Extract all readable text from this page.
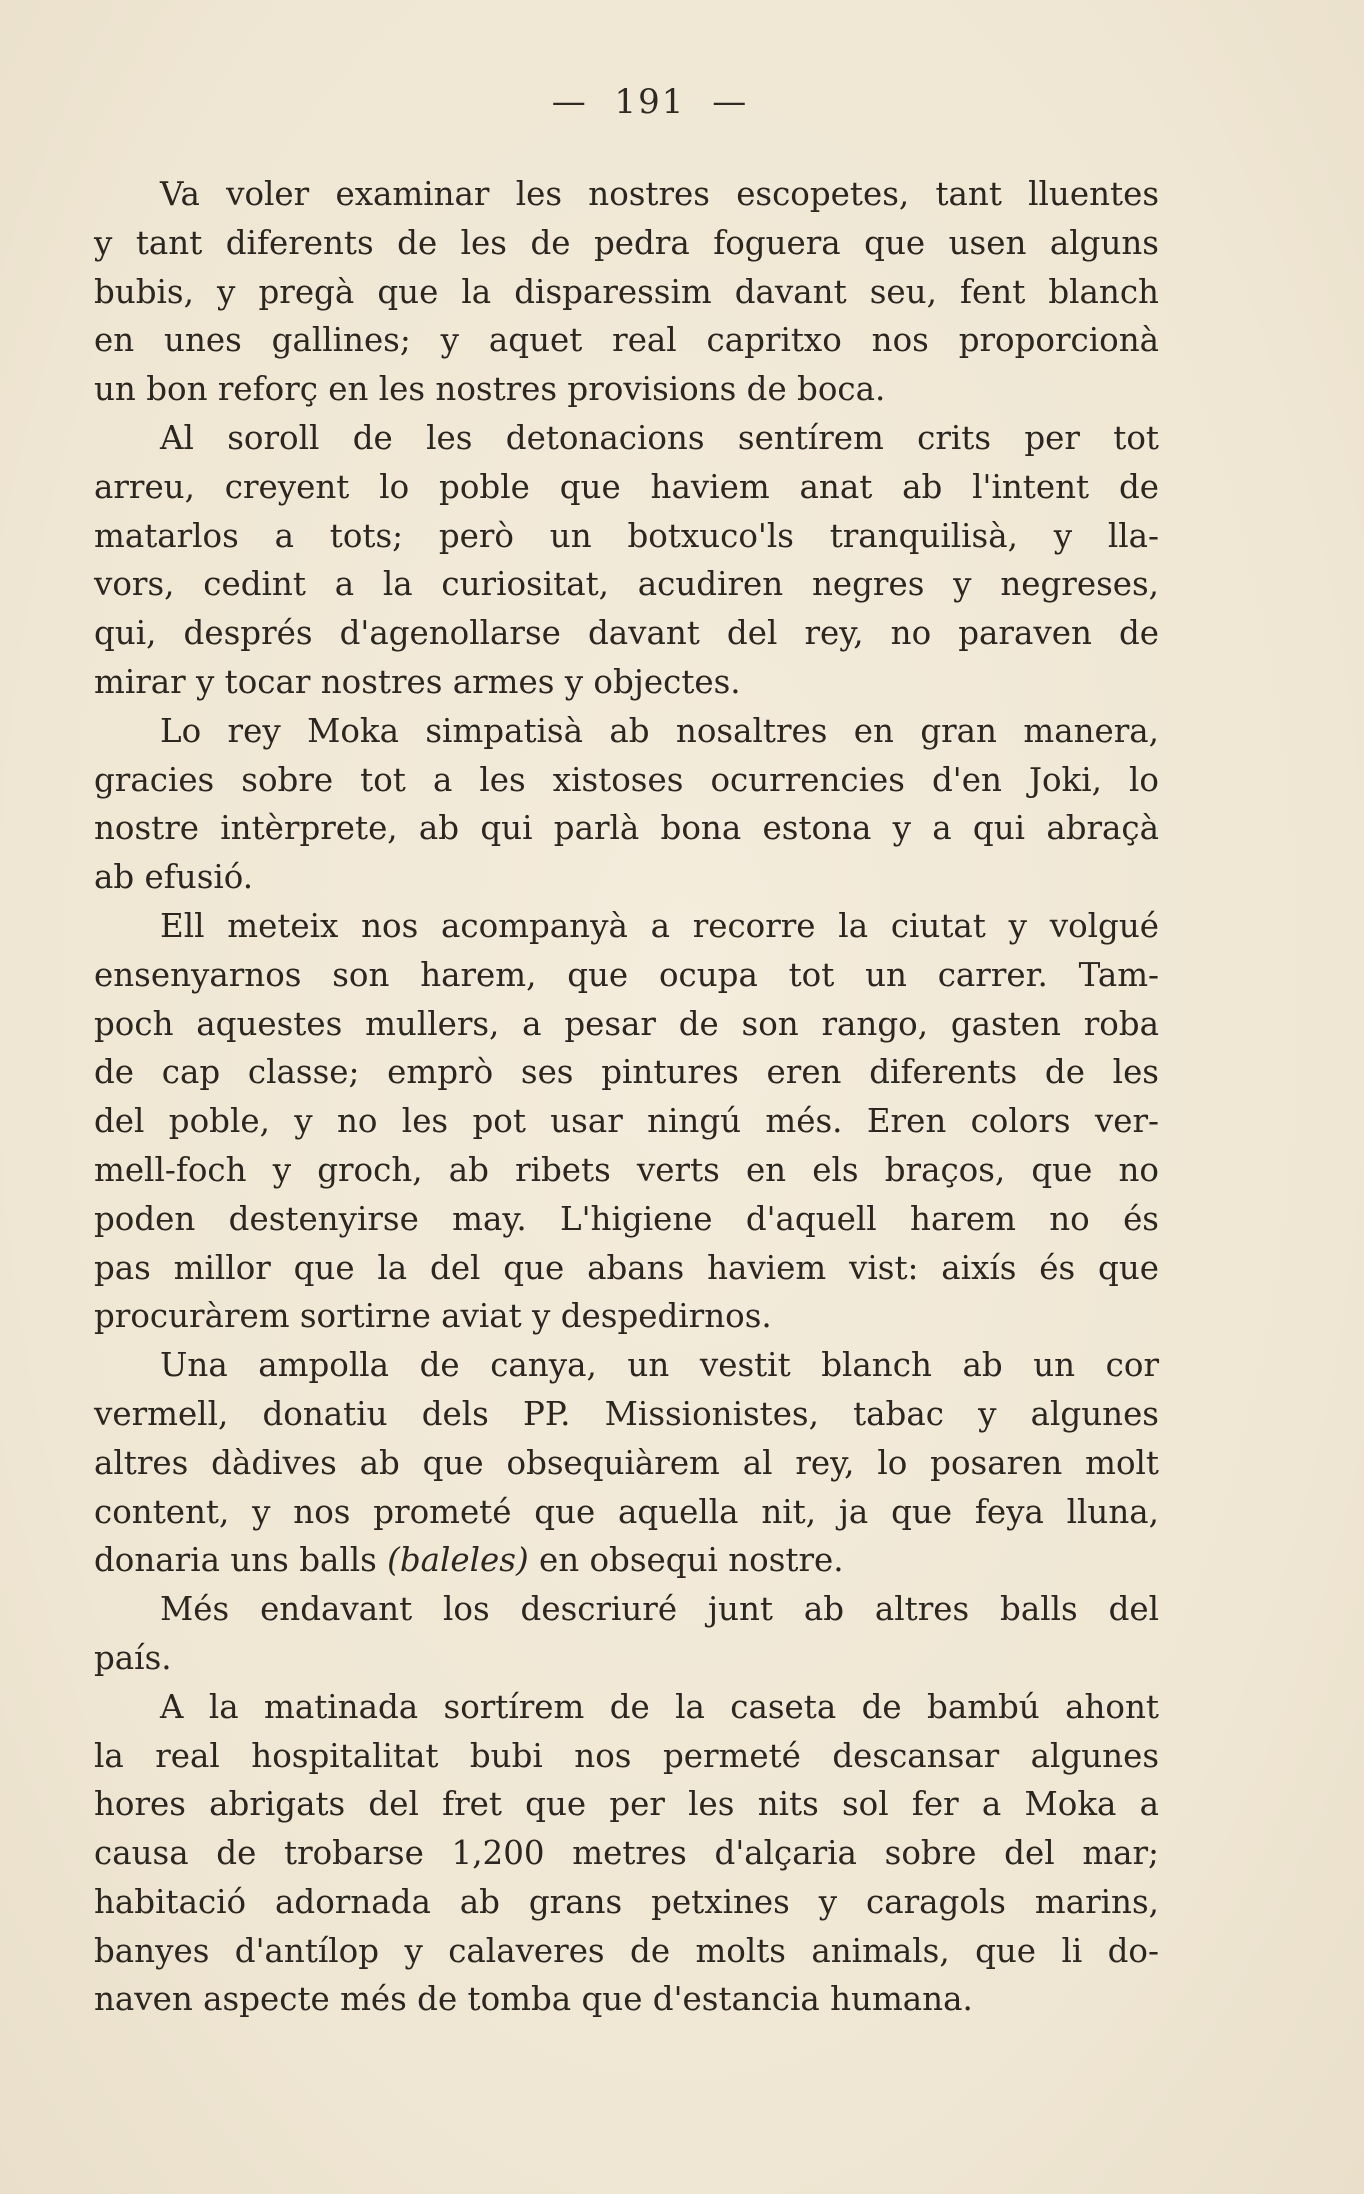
— 191 —
Va voler examinar les nostres escopetes, tant lluentes
y tant diferents de les de pedra foguera que usen alguns
bubis, y pregà que la disparessim davant seu, fent blanch
en unes gallines; y aquet real capritxo nos proporcionà
un bon reforç en les nostres provisions de boca.
Al soroll de les detonacions sentírem crits per tot
arreu, creyent lo poble que haviem anat ab l'intent de
matarlos a tots; però un botxuco'ls tranquilisà, y lla-
vors, cedint a la curiositat, acudiren negres y negreses,
qui, després d'agenollarse davant del rey, no paraven de
mirar y tocar nostres armes y objectes.
Lo rey Moka simpatisà ab nosaltres en gran manera,
gracies sobre tot a les xistoses ocurrencies d'en Joki, lo
nostre intèrprete, ab qui parlà bona estona y a qui abraçà
ab efusió.
Ell meteix nos acompanyà a recorre la ciutat y volgué
ensenyarnos son harem, que ocupa tot un carrer. Tam-
poch aquestes mullers, a pesar de son rango, gasten roba
de cap classe; emprò ses pintures eren diferents de les
del poble, y no les pot usar ningú més. Eren colors ver-
mell-foch y groch, ab ribets verts en els braços, que no
poden destenyirse may. L'higiene d'aquell harem no és
pas millor que la del que abans haviem vist: aixís és que
procuràrem sortirne aviat y despedirnos.
Una ampolla de canya, un vestit blanch ab un cor
vermell, donatiu dels PP. Missionistes, tabac y algunes
altres dàdives ab que obsequiàrem al rey, lo posaren molt
content, y nos prometé que aquella nit, ja que feya lluna,
donaria uns balls (baleles) en obsequi nostre.
Més endavant los descriuré junt ab altres balls del
país.
A la matinada sortírem de la caseta de bambú ahont
la real hospitalitat bubi nos permeté descansar algunes
hores abrigats del fret que per les nits sol fer a Moka a
causa de trobarse 1,200 metres d'alçaria sobre del mar;
habitació adornada ab grans petxines y caragols marins,
banyes d'antílop y calaveres de molts animals, que li do-
naven aspecte més de tomba que d'estancia humana.
